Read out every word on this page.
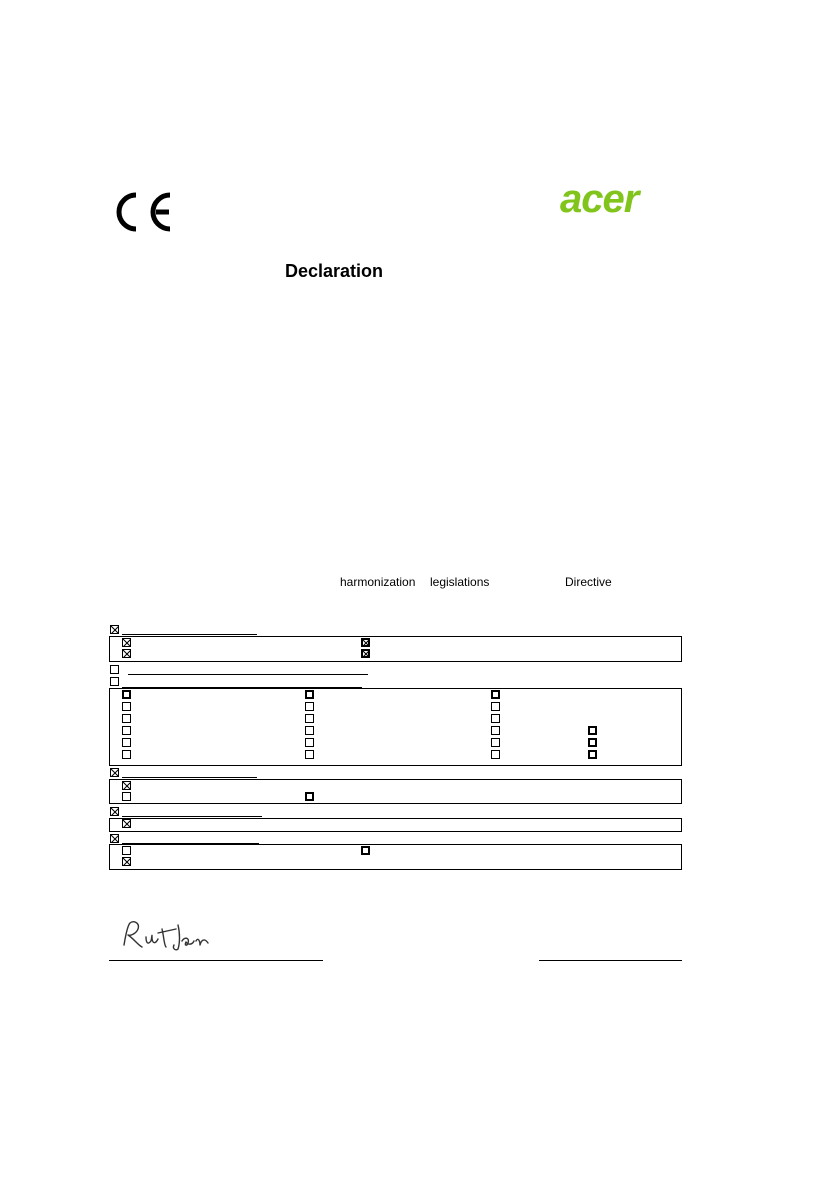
acer
Declaration
harmonization legislations	Directive
